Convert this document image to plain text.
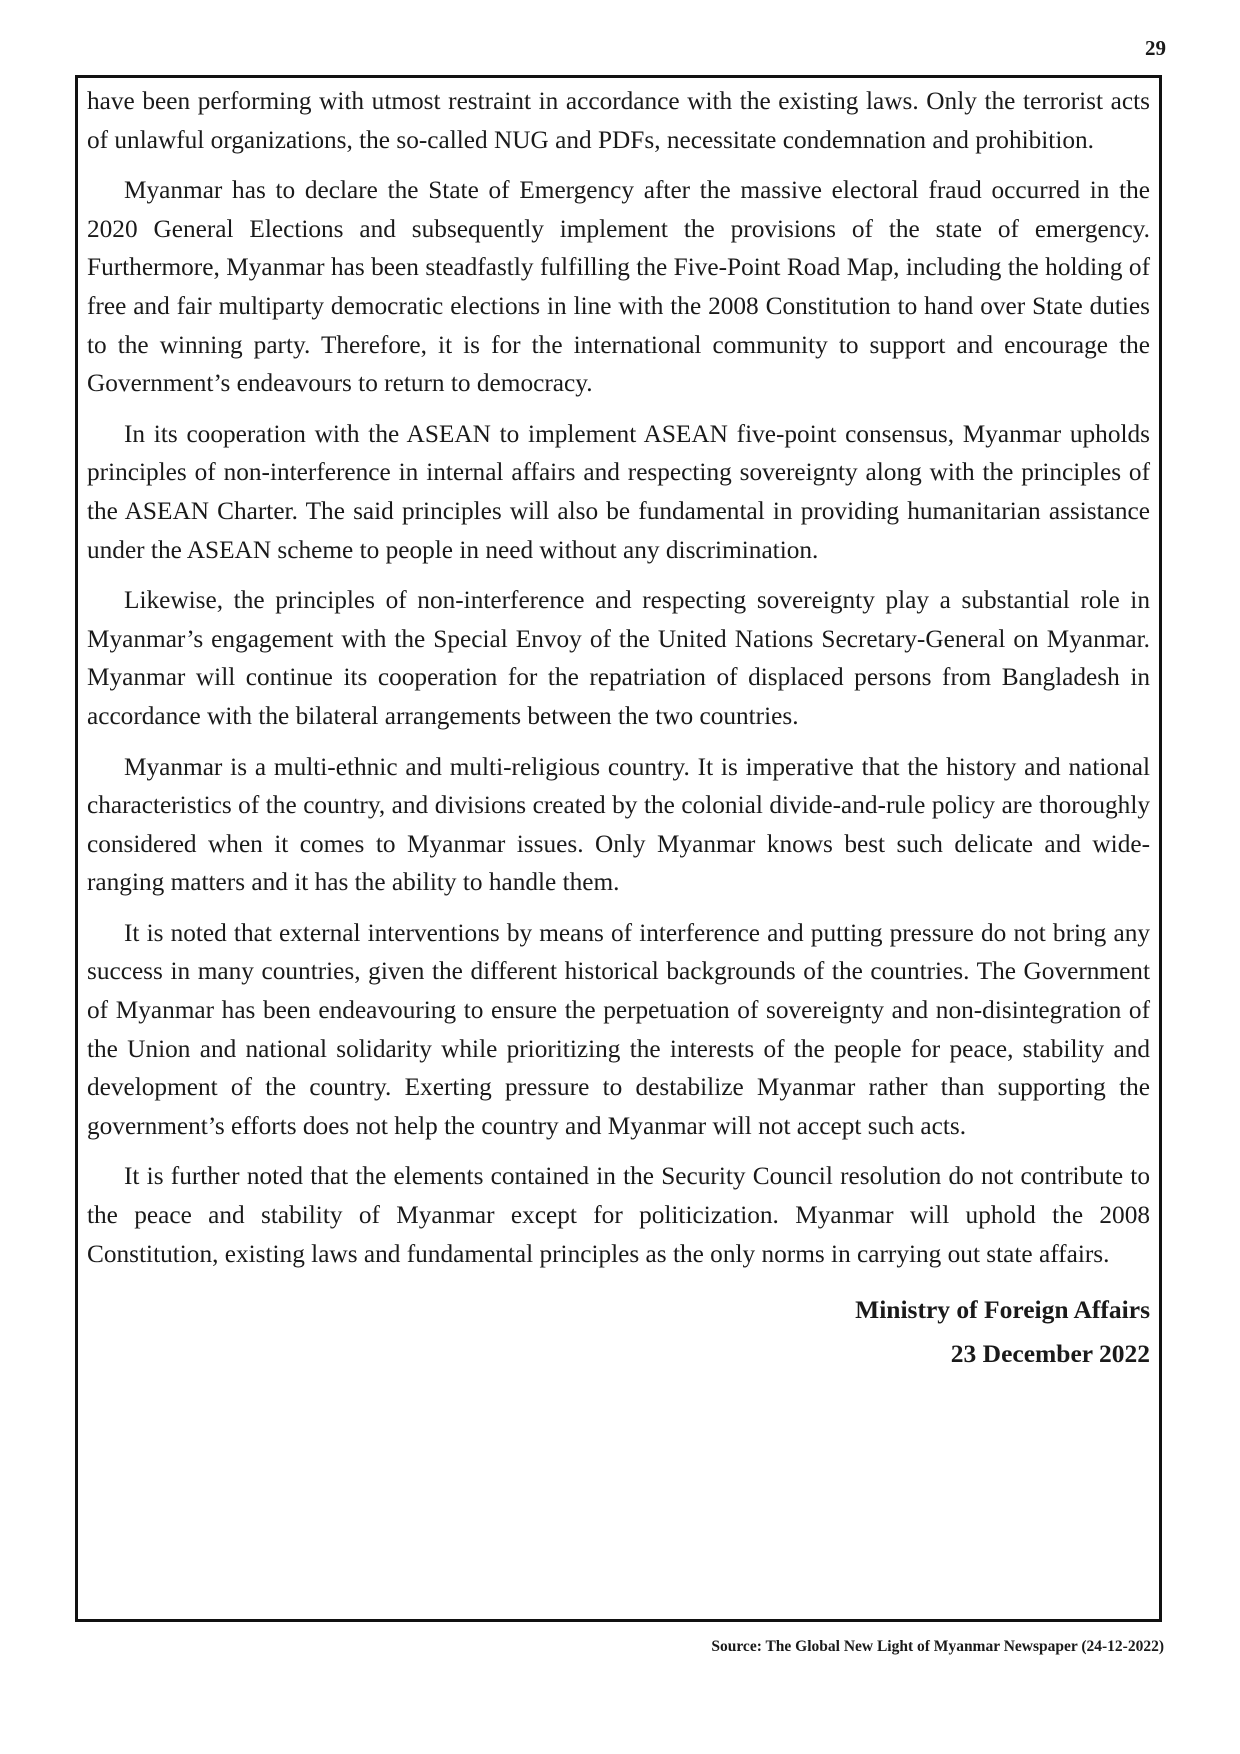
29

have been performing with utmost restraint in accordance with the existing laws. Only the terrorist acts of unlawful organizations, the so-called NUG and PDFs, necessitate condemnation and prohibition.

Myanmar has to declare the State of Emergency after the massive electoral fraud occurred in the 2020 General Elections and subsequently implement the provisions of the state of emergency. Furthermore, Myanmar has been steadfastly fulfilling the Five-Point Road Map, including the holding of free and fair multiparty democratic elections in line with the 2008 Constitution to hand over State duties to the winning party. Therefore, it is for the international community to support and encourage the Government’s endeavours to return to democracy.

In its cooperation with the ASEAN to implement ASEAN five-point consensus, Myanmar upholds principles of non-interference in internal affairs and respecting sovereignty along with the principles of the ASEAN Charter. The said principles will also be fundamental in providing humanitarian assistance under the ASEAN scheme to people in need without any discrimination.

Likewise, the principles of non-interference and respecting sovereignty play a substantial role in Myanmar’s engagement with the Special Envoy of the United Nations Secretary-General on Myanmar. Myanmar will continue its cooperation for the repatriation of displaced persons from Bangladesh in accordance with the bilateral arrangements between the two countries.

Myanmar is a multi-ethnic and multi-religious country. It is imperative that the history and national characteristics of the country, and divisions created by the colonial divide-and-rule policy are thoroughly considered when it comes to Myanmar issues. Only Myanmar knows best such delicate and wide-ranging matters and it has the ability to handle them.

It is noted that external interventions by means of interference and putting pressure do not bring any success in many countries, given the different historical backgrounds of the countries. The Government of Myanmar has been endeavouring to ensure the perpetuation of sovereignty and non-disintegration of the Union and national solidarity while prioritizing the interests of the people for peace, stability and development of the country. Exerting pressure to destabilize Myanmar rather than supporting the government’s efforts does not help the country and Myanmar will not accept such acts.

It is further noted that the elements contained in the Security Council resolution do not contribute to the peace and stability of Myanmar except for politicization. Myanmar will uphold the 2008 Constitution, existing laws and fundamental principles as the only norms in carrying out state affairs.

Ministry of Foreign Affairs

23 December 2022

Source: The Global New Light of Myanmar Newspaper (24-12-2022)
